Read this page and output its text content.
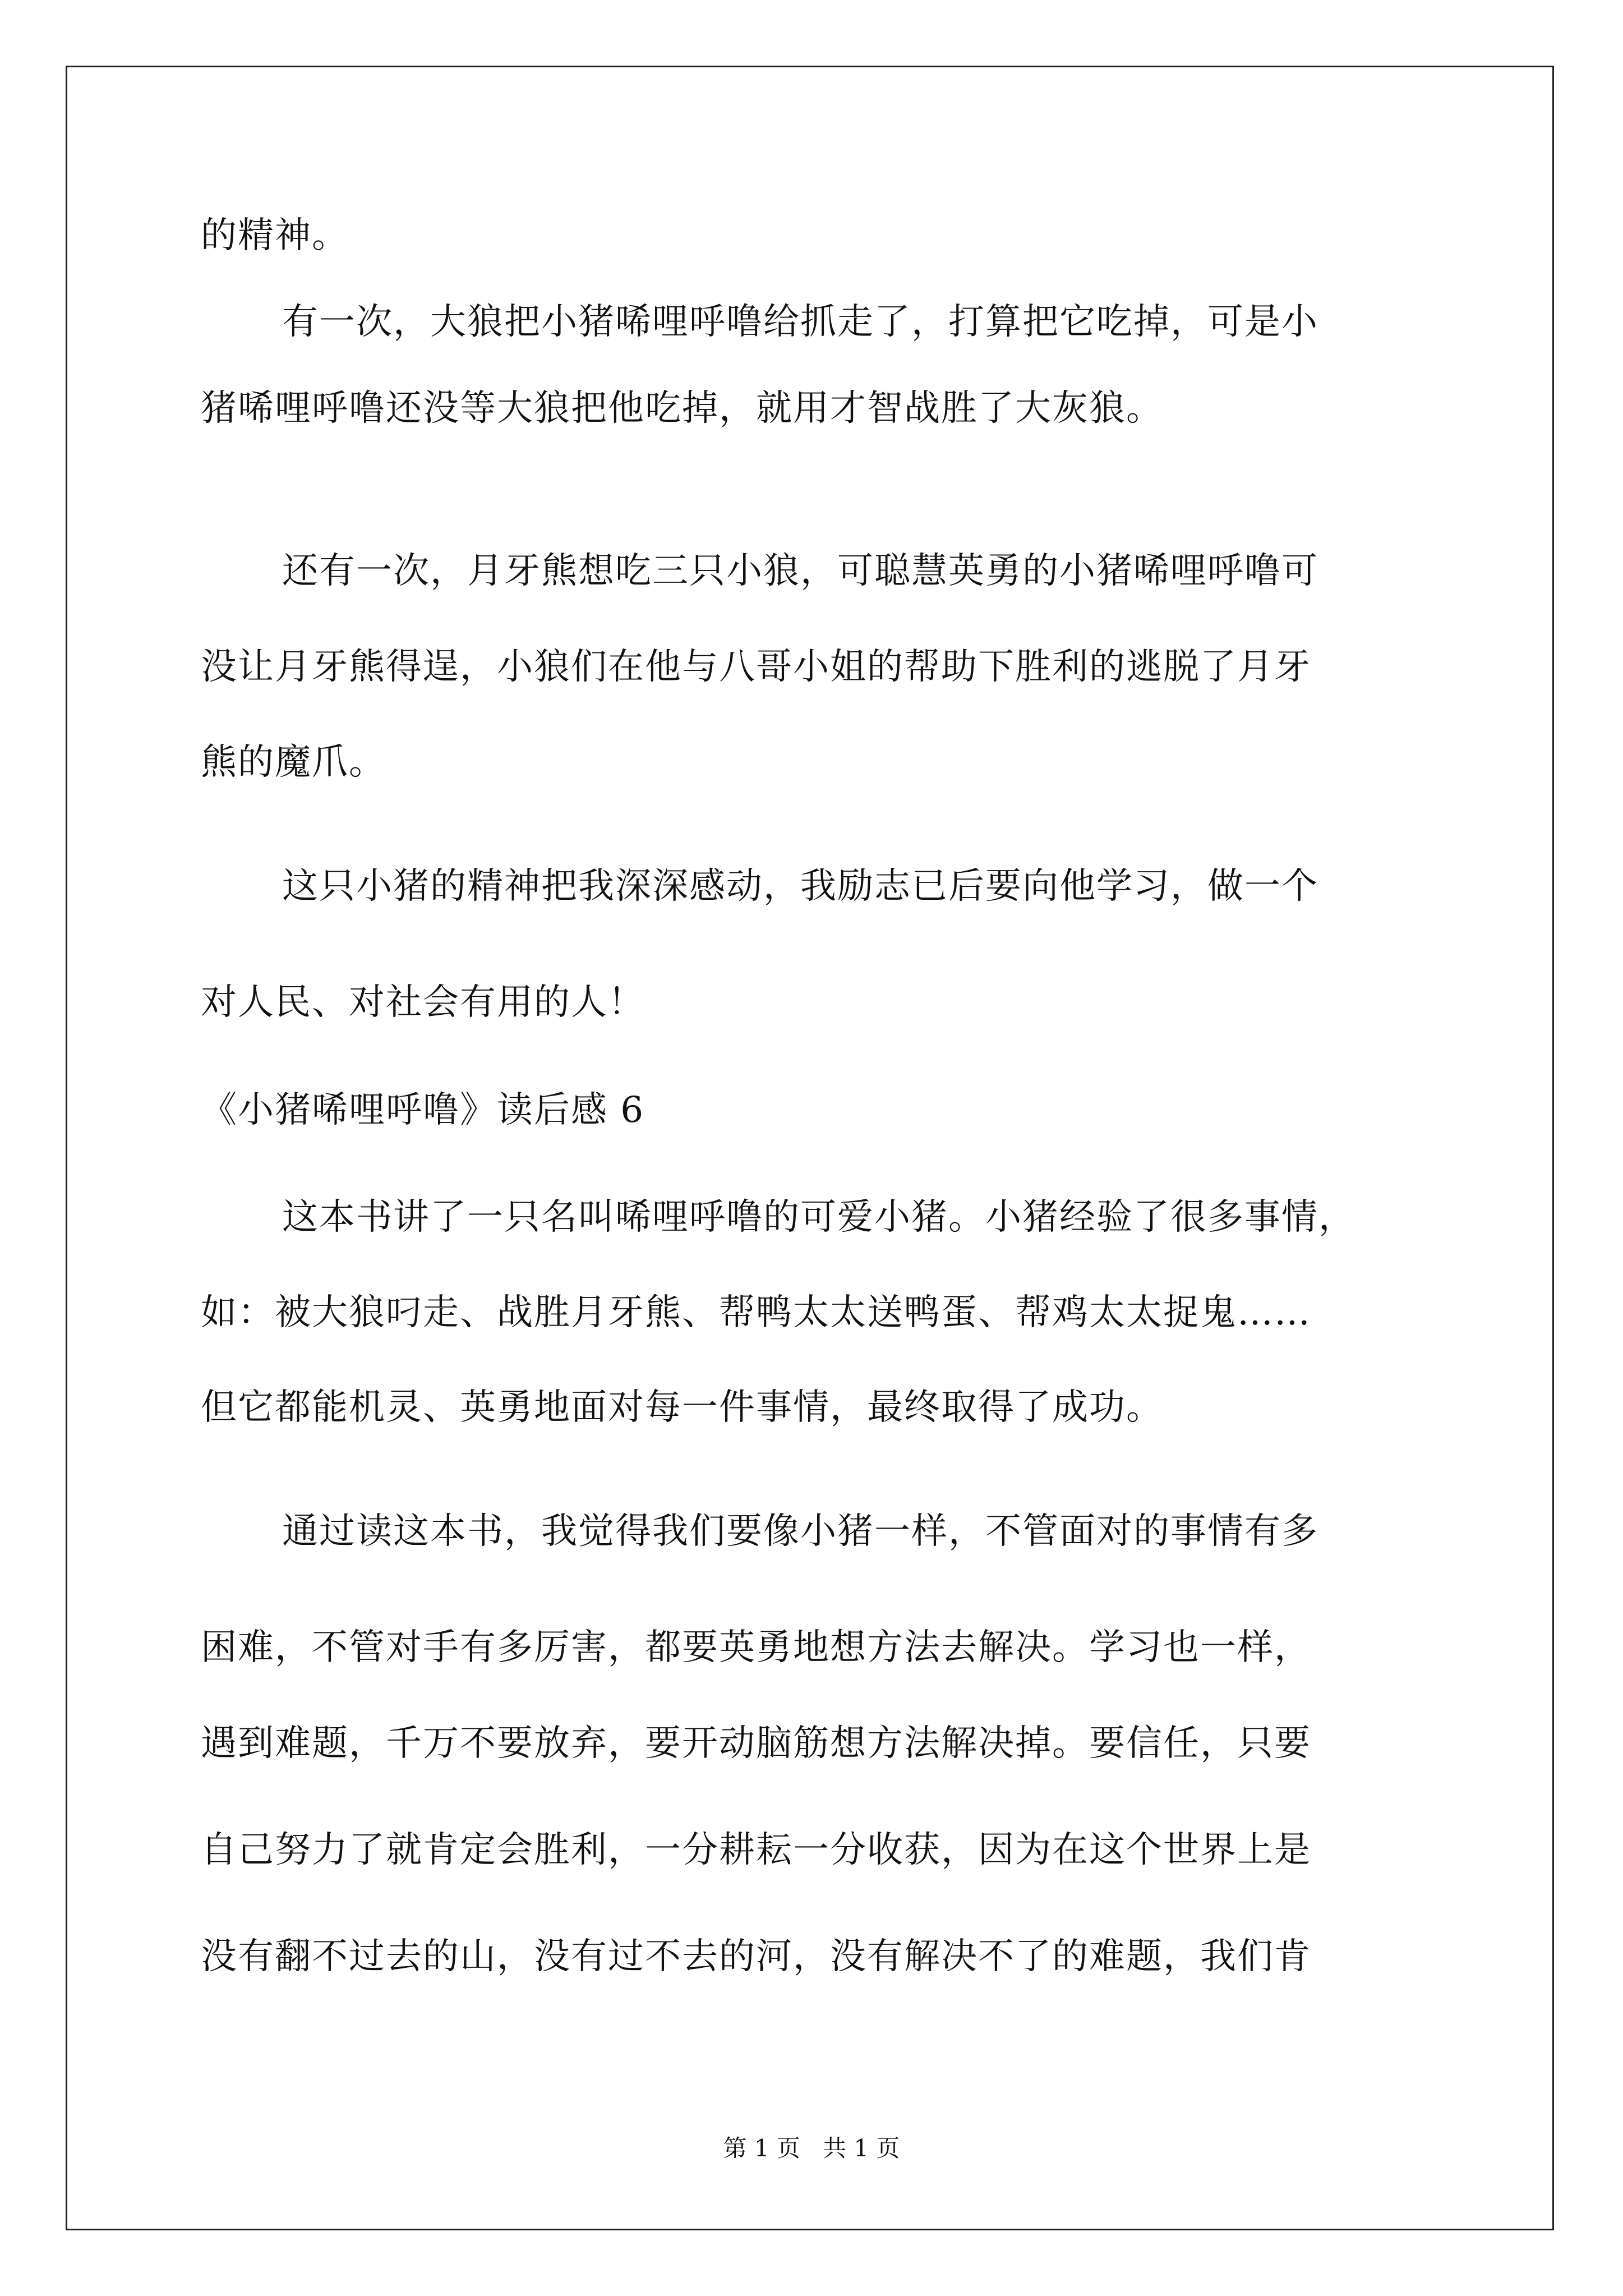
的精神。
有一次，大狼把小猪唏哩呼噜给抓走了，打算把它吃掉，可是小
猪唏哩呼噜还没等大狼把他吃掉，就用才智战胜了大灰狼。
还有一次，月牙熊想吃三只小狼，可聪慧英勇的小猪唏哩呼噜可
没让月牙熊得逞，小狼们在他与八哥小姐的帮助下胜利的逃脱了月牙
熊的魔爪。
这只小猪的精神把我深深感动，我励志已后要向他学习，做一个
对人民、对社会有用的人！
《小猪唏哩呼噜》读后感 6
这本书讲了一只名叫唏哩呼噜的可爱小猪。小猪经验了很多事情，
如：被大狼叼走、战胜月牙熊、帮鸭太太送鸭蛋、帮鸡太太捉鬼……
但它都能机灵、英勇地面对每一件事情，最终取得了成功。
通过读这本书，我觉得我们要像小猪一样，不管面对的事情有多
困难，不管对手有多厉害，都要英勇地想方法去解决。学习也一样，
遇到难题，千万不要放弃，要开动脑筋想方法解决掉。要信任，只要
自己努力了就肯定会胜利，一分耕耘一分收获，因为在这个世界上是
没有翻不过去的山，没有过不去的河，没有解决不了的难题，我们肯
第 1 页 共 1 页
